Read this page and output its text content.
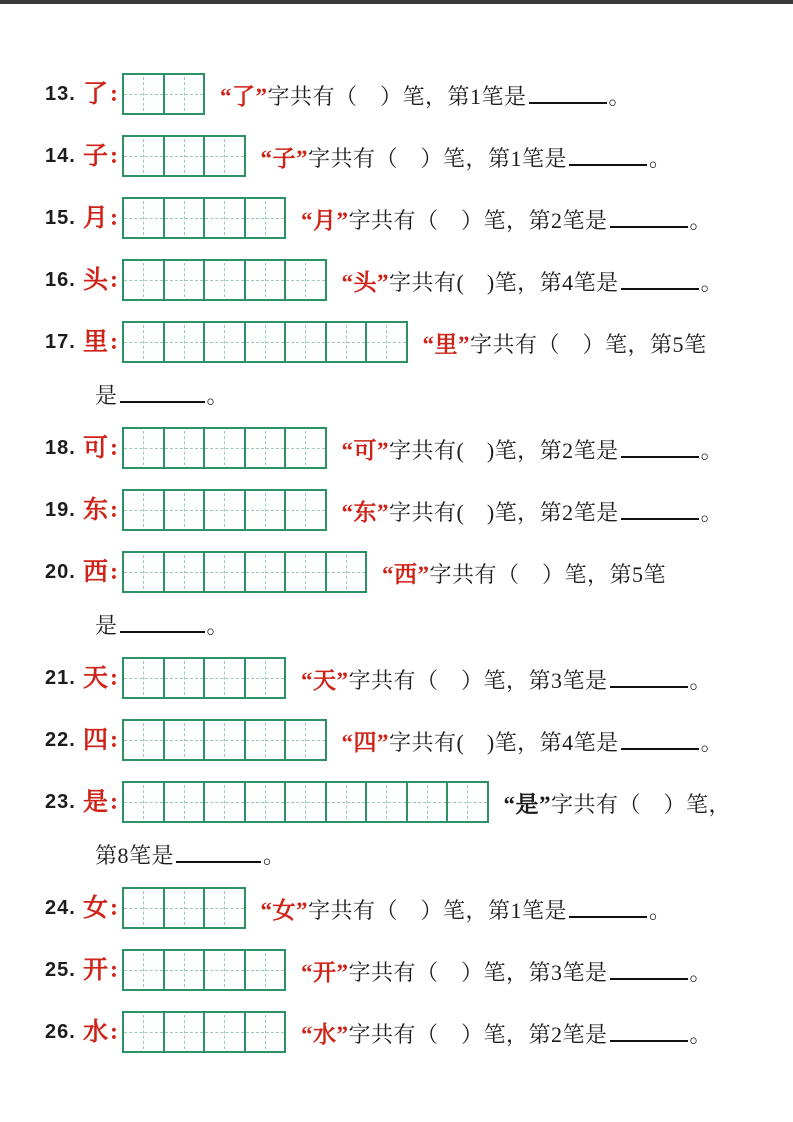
13. 了 :	“了”字共有（　）笔，第1笔是	。
14. 子 :	“子”字共有（　）笔，第1笔是	。
15. 月 :	“月”字共有（　）笔，第2笔是	。
16. 头 :	“头”字共有(　)笔，第4笔是	。
17. 里 :	“里”字共有（　）笔，第5笔
是	。
18. 可 :	“可”字共有(　)笔，第2笔是	。
19. 东 :	“东”字共有(　)笔，第2笔是	。
20. 西 :	“西”字共有（　）笔，第5笔
是	。
21. 天 :	“天”字共有（　）笔，第3笔是	。
22. 四 :	“四”字共有(　)笔，第4笔是	。
23. 是 :	“是”字共有（　）笔，
第8笔是	。
24. 女 :	“女”字共有（　）笔，第1笔是	。
25. 开 :	“开”字共有（　）笔，第3笔是	。
26. 水 :	“水”字共有（　）笔，第2笔是	。
